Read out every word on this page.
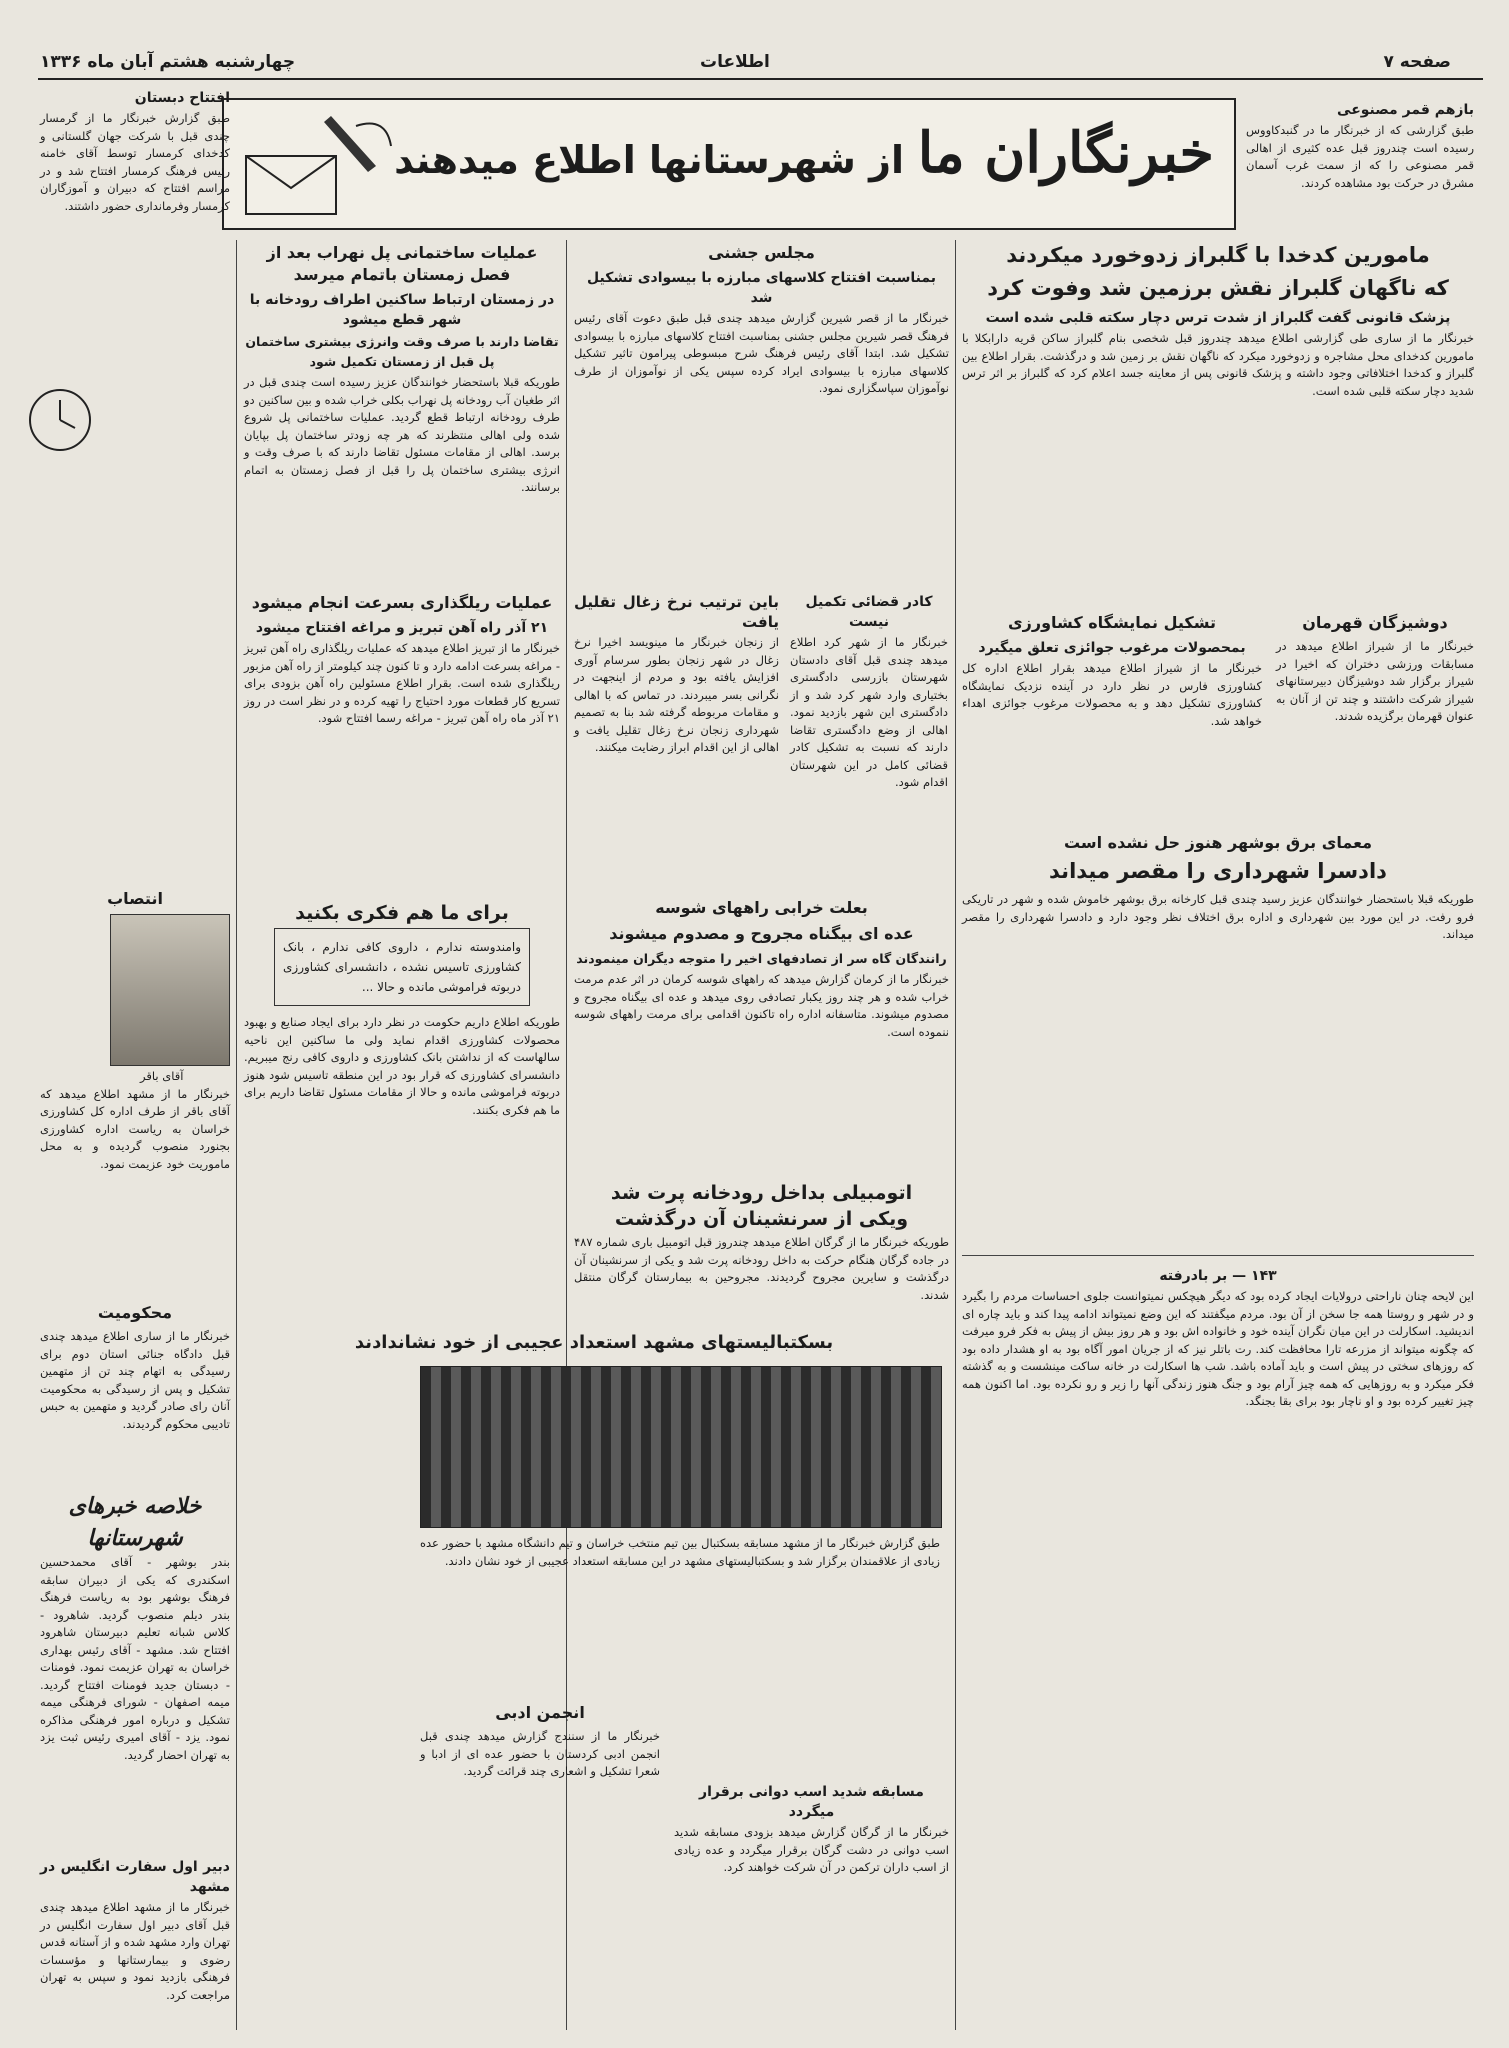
صفحه ۷
اطلاعات
چهارشنبه هشتم آبان ماه ۱۳۳۶
خبرنگاران ما
از شهرستانها اطلاع میدهند
بازهم قمر مصنوعی

طبق گزارشی که از خبرنگار ما در گنبدکاووس رسیده است چندروز قبل عده کثیری از اهالی قمر مصنوعی را که از سمت غرب آسمان مشرق در حرکت بود مشاهده کردند.

افتتاح دبستان

طبق گزارش خبرنگار ما از گرمسار چندی قبل با شرکت جهان گلستانی و کدخدای کرمسار توسط آقای خامنه رئیس فرهنگ کرمسار افتتاح شد و در مراسم افتتاح که دبیران و آموزگاران کرمسار وفرمانداری حضور داشتند.

انتصاب
آقای باقر

خبرنگار ما از مشهد اطلاع میدهد که آقای باقر از طرف اداره کل کشاورزی خراسان به ریاست اداره کشاورزی بجنورد منصوب گردیده و به محل ماموریت خود عزیمت نمود.

محکومیت

خبرنگار ما از ساری اطلاع میدهد چندی قبل دادگاه جنائی استان دوم برای رسیدگی به اتهام چند تن از متهمین تشکیل و پس از رسیدگی به محکومیت آنان رای صادر گردید و متهمین به حبس تادیبی محکوم گردیدند.

خلاصه خبرهای شهرستانها

بندر بوشهر - آقای محمدحسین اسکندری که یکی از دبیران سابقه فرهنگ بوشهر بود به ریاست فرهنگ بندر دیلم منصوب گردید. شاهرود - کلاس شبانه تعلیم دبیرستان شاهرود افتتاح شد. مشهد - آقای رئیس بهداری خراسان به تهران عزیمت نمود. فومنات - دبستان جدید فومنات افتتاح گردید. میمه اصفهان - شورای فرهنگی میمه تشکیل و درباره امور فرهنگی مذاکره نمود. یزد - آقای امیری رئیس ثبت یزد به تهران احضار گردید.

دبیر اول سفارت انگلیس در مشهد

خبرنگار ما از مشهد اطلاع میدهد چندی قبل آقای دبیر اول سفارت انگلیس در تهران وارد مشهد شده و از آستانه قدس رضوی و بیمارستانها و مؤسسات فرهنگی بازدید نمود و سپس به تهران مراجعت کرد.

عملیات ساختمانی پل نهراب بعد از فصل زمستان باتمام میرسد
در زمستان ارتباط ساکنین اطراف رودخانه با شهر قطع میشود
تقاضا دارند با صرف وقت وانرژی بیشتری ساختمان پل قبل از زمستان تکمیل شود

طوریکه قبلا باستحضار خوانندگان عزیز رسیده است چندی قبل در اثر طغیان آب رودخانه پل نهراب بکلی خراب شده و بین ساکنین دو طرف رودخانه ارتباط قطع گردید. عملیات ساختمانی پل شروع شده ولی اهالی منتظرند که هر چه زودتر ساختمان پل بپایان برسد. اهالی از مقامات مسئول تقاضا دارند که با صرف وقت و انرژی بیشتری ساختمان پل را قبل از فصل زمستان به اتمام برسانند.

عملیات ریلگذاری بسرعت انجام میشود
۲۱ آذر راه آهن تبریز و مراغه افتتاح میشود

خبرنگار ما از تبریز اطلاع میدهد که عملیات ریلگذاری راه آهن تبریز - مراغه بسرعت ادامه دارد و تا کنون چند کیلومتر از راه آهن مزبور ریلگذاری شده است. بقرار اطلاع مسئولین راه آهن بزودی برای تسریع کار قطعات مورد احتیاج را تهیه کرده و در نظر است در روز ۲۱ آذر ماه راه آهن تبریز - مراغه رسما افتتاح شود.

برای ما هم فکری بکنید
وامندوسته ندارم ، داروی کافی ندارم ، بانک کشاورزی تاسیس نشده ، دانشسرای کشاورزی دربوته فراموشی مانده و حالا ...

طوریکه اطلاع داریم حکومت در نظر دارد برای ایجاد صنایع و بهبود محصولات کشاورزی اقدام نماید ولی ما ساکنین این ناحیه سالهاست که از نداشتن بانک کشاورزی و داروی کافی رنج میبریم. دانشسرای کشاورزی که قرار بود در این منطقه تاسیس شود هنوز دربوته فراموشی مانده و حالا از مقامات مسئول تقاضا داریم برای ما هم فکری بکنند.

بسکتبالیستهای مشهد استعداد عجیبی از خود نشاندادند

طبق گزارش خبرنگار ما از مشهد مسابقه بسکتبال بین تیم منتخب خراسان و تیم دانشگاه مشهد با حضور عده زیادی از علاقمندان برگزار شد و بسکتبالیستهای مشهد در این مسابقه استعداد عجیبی از خود نشان دادند.

انجمن ادبی

خبرنگار ما از سنندج گزارش میدهد چندی قبل انجمن ادبی کردستان با حضور عده ای از ادبا و شعرا تشکیل و اشعاری چند قرائت گردید.

مجلس جشنی
بمناسبت افتتاح کلاسهای مبارزه با بیسوادی تشکیل شد

خبرنگار ما از قصر شیرین گزارش میدهد چندی قبل طبق دعوت آقای رئیس فرهنگ قصر شیرین مجلس جشنی بمناسبت افتتاح کلاسهای مبارزه با بیسوادی تشکیل شد. ابتدا آقای رئیس فرهنگ شرح مبسوطی پیرامون تاثیر تشکیل کلاسهای مبارزه با بیسوادی ایراد کرده سپس یکی از نوآموزان از طرف نوآموزان سپاسگزاری نمود.

باین ترتیب نرخ زغال تقلیل یافت

از زنجان خبرنگار ما مینویسد اخیرا نرخ زغال در شهر زنجان بطور سرسام آوری افزایش یافته بود و مردم از اینجهت در نگرانی بسر میبردند. در تماس که با اهالی و مقامات مربوطه گرفته شد بنا به تصمیم شهرداری زنجان نرخ زغال تقلیل یافت و اهالی از این اقدام ابراز رضایت میکنند.

کادر قضائی تکمیل نیست

خبرنگار ما از شهر کرد اطلاع میدهد چندی قبل آقای دادستان شهرستان بازرسی دادگستری بختیاری وارد شهر کرد شد و از دادگستری این شهر بازدید نمود. اهالی از وضع دادگستری تقاضا دارند که نسبت به تشکیل کادر قضائی کامل در این شهرستان اقدام شود.

بعلت خرابی راههای شوسه
عده ای بیگناه مجروح و مصدوم میشوند
رانندگان گاه سر از تصادفهای اخیر را متوجه دیگران مینمودند

خبرنگار ما از کرمان گزارش میدهد که راههای شوسه کرمان در اثر عدم مرمت خراب شده و هر چند روز یکبار تصادفی روی میدهد و عده ای بیگناه مجروح و مصدوم میشوند. متاسفانه اداره راه تاکنون اقدامی برای مرمت راههای شوسه ننموده است.

اتومبیلی بداخل رودخانه پرت شد
ویکی از سرنشینان آن درگذشت

طوریکه خبرنگار ما از گرگان اطلاع میدهد چندروز قبل اتومبیل باری شماره ۴۸۷ در جاده گرگان هنگام حرکت به داخل رودخانه پرت شد و یکی از سرنشینان آن درگذشت و سایرین مجروح گردیدند. مجروحین به بیمارستان گرگان منتقل شدند.

مسابقه شدید اسب دوانی برقرار میگردد

خبرنگار ما از گرگان گزارش میدهد بزودی مسابقه شدید اسب دوانی در دشت گرگان برقرار میگردد و عده زیادی از اسب داران ترکمن در آن شرکت خواهند کرد.

مامورین کدخدا با گلبراز زدوخورد میکردند
که ناگهان گلبراز نقش برزمین شد وفوت کرد
پزشک قانونی گفت گلبراز از شدت ترس دچار سکته قلبی شده است

خبرنگار ما از ساری طی گزارشی اطلاع میدهد چندروز قبل شخصی بنام گلبراز ساکن قریه دارابکلا با مامورین کدخدای محل مشاجره و زدوخورد میکرد که ناگهان نقش بر زمین شد و درگذشت. بقرار اطلاع بین گلبراز و کدخدا اختلافاتی وجود داشته و پزشک قانونی پس از معاینه جسد اعلام کرد که گلبراز بر اثر ترس شدید دچار سکته قلبی شده است.

تشکیل نمایشگاه کشاورزی
بمحصولات مرغوب جوائزی تعلق میگیرد

خبرنگار ما از شیراز اطلاع میدهد بقرار اطلاع اداره کل کشاورزی فارس در نظر دارد در آینده نزدیک نمایشگاه کشاورزی تشکیل دهد و به محصولات مرغوب جوائزی اهداء خواهد شد.

دوشیزگان قهرمان

خبرنگار ما از شیراز اطلاع میدهد در مسابقات ورزشی دختران که اخیرا در شیراز برگزار شد دوشیزگان دبیرستانهای شیراز شرکت داشتند و چند تن از آنان به عنوان قهرمان برگزیده شدند.

معمای برق بوشهر هنوز حل نشده است
دادسرا شهرداری را مقصر میداند

طوریکه قبلا باستحضار خوانندگان عزیز رسید چندی قبل کارخانه برق بوشهر خاموش شده و شهر در تاریکی فرو رفت. در این مورد بین شهرداری و اداره برق اختلاف نظر وجود دارد و دادسرا شهرداری را مقصر میداند.

۱۴۳ — بر بادرفته

این لایحه چنان ناراحتی درولایات ایجاد کرده بود که دیگر هیچکس نمیتوانست جلوی احساسات مردم را بگیرد و در شهر و روستا همه جا سخن از آن بود. مردم میگفتند که این وضع نمیتواند ادامه پیدا کند و باید چاره ای اندیشید. اسکارلت در این میان نگران آینده خود و خانواده اش بود و هر روز بیش از پیش به فکر فرو میرفت که چگونه میتواند از مزرعه تارا محافظت کند. رت باتلر نیز که از جریان امور آگاه بود به او هشدار داده بود که روزهای سختی در پیش است و باید آماده باشد. شب ها اسکارلت در خانه ساکت مینشست و به گذشته فکر میکرد و به روزهایی که همه چیز آرام بود و جنگ هنوز زندگی آنها را زیر و رو نکرده بود. اما اکنون همه چیز تغییر کرده بود و او ناچار بود برای بقا بجنگد.
